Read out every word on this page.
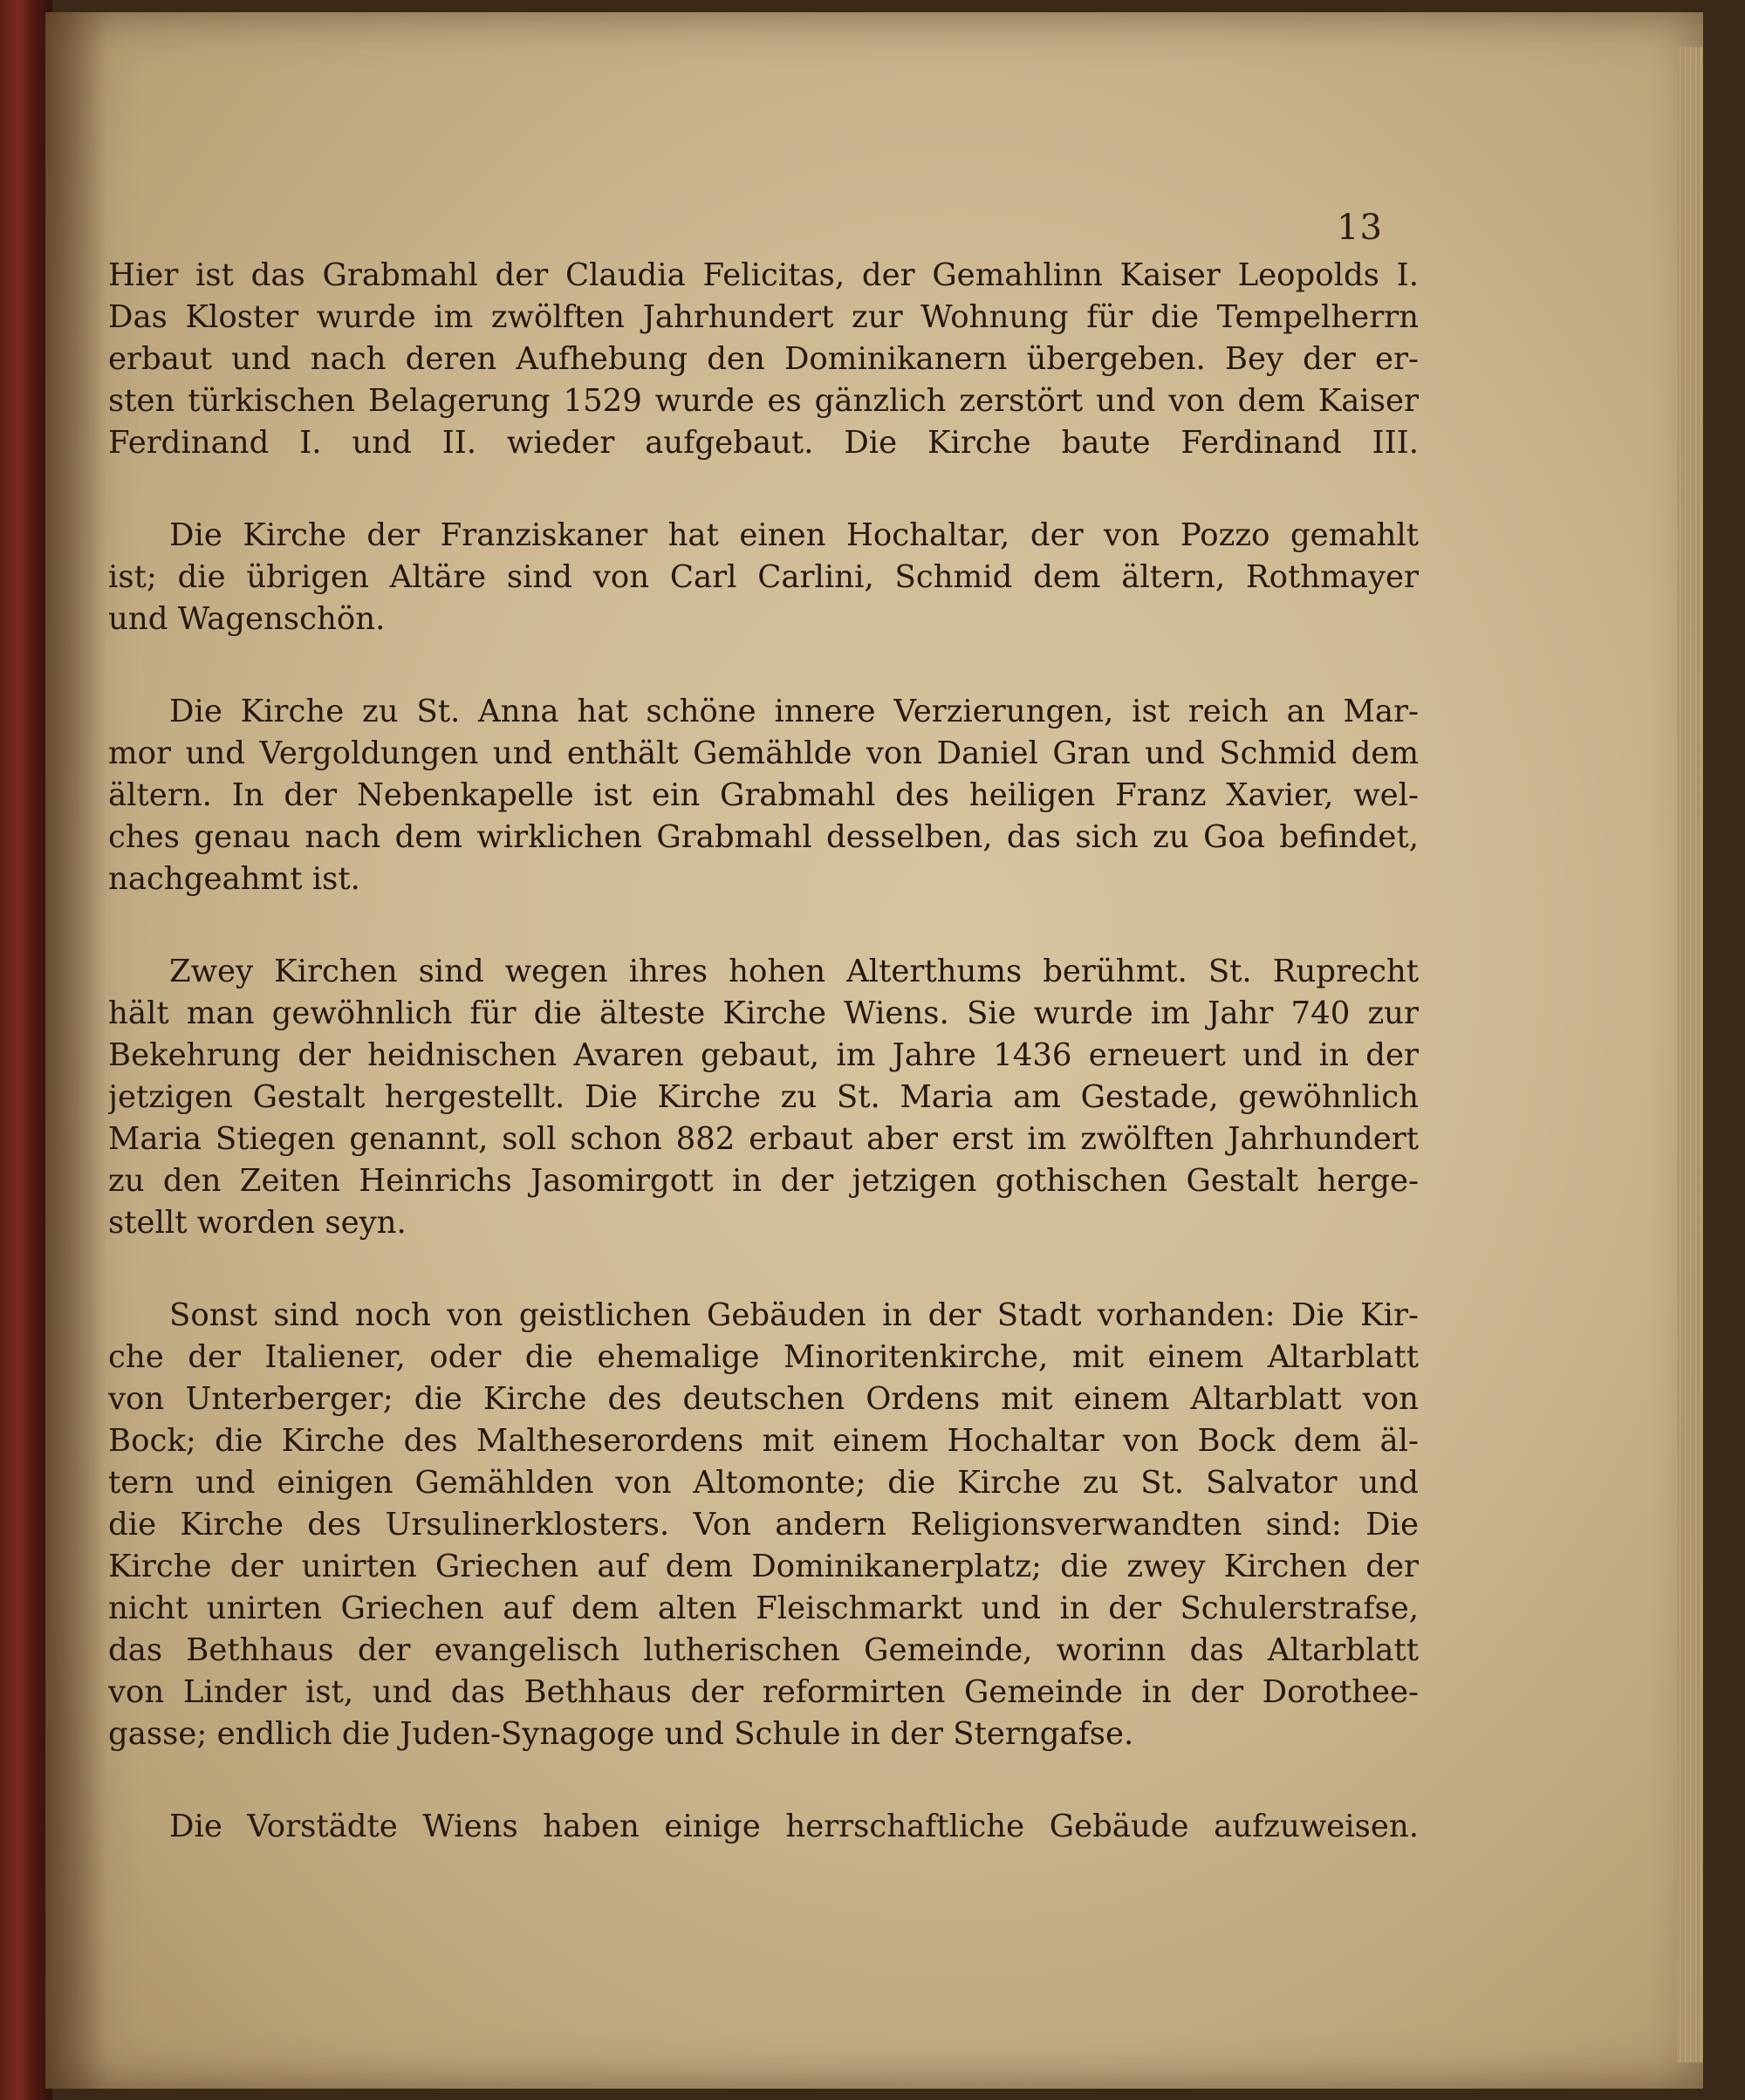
13

Hier ist das Grabmahl der Claudia Felicitas, der Gemahlinn Kaiser Leopolds I.
Das Kloster wurde im zwölften Jahrhundert zur Wohnung für die Tempelherrn
erbaut und nach deren Aufhebung den Dominikanern übergeben. Bey der er-
sten türkischen Belagerung 1529 wurde es gänzlich zerstört und von dem Kaiser
Ferdinand I. und II. wieder aufgebaut. Die Kirche baute Ferdinand III.

Die Kirche der Franziskaner hat einen Hochaltar, der von Pozzo gemahlt
ist; die übrigen Altäre sind von Carl Carlini, Schmid dem ältern, Rothmayer
und Wagenschön.

Die Kirche zu St. Anna hat schöne innere Verzierungen, ist reich an Mar-
mor und Vergoldungen und enthält Gemählde von Daniel Gran und Schmid dem
ältern. In der Nebenkapelle ist ein Grabmahl des heiligen Franz Xavier, wel-
ches genau nach dem wirklichen Grabmahl desselben, das sich zu Goa befindet,
nachgeahmt ist.

Zwey Kirchen sind wegen ihres hohen Alterthums berühmt. St. Ruprecht
hält man gewöhnlich für die älteste Kirche Wiens. Sie wurde im Jahr 740 zur
Bekehrung der heidnischen Avaren gebaut, im Jahre 1436 erneuert und in der
jetzigen Gestalt hergestellt. Die Kirche zu St. Maria am Gestade, gewöhnlich
Maria Stiegen genannt, soll schon 882 erbaut aber erst im zwölften Jahrhundert
zu den Zeiten Heinrichs Jasomirgott in der jetzigen gothischen Gestalt herge-
stellt worden seyn.

Sonst sind noch von geistlichen Gebäuden in der Stadt vorhanden: Die Kir-
che der Italiener, oder die ehemalige Minoritenkirche, mit einem Altarblatt
von Unterberger; die Kirche des deutschen Ordens mit einem Altarblatt von
Bock; die Kirche des Maltheserordens mit einem Hochaltar von Bock dem äl-
tern und einigen Gemählden von Altomonte; die Kirche zu St. Salvator und
die Kirche des Ursulinerklosters. Von andern Religionsverwandten sind: Die
Kirche der unirten Griechen auf dem Dominikanerplatz; die zwey Kirchen der
nicht unirten Griechen auf dem alten Fleischmarkt und in der Schulerstrafse,
das Bethhaus der evangelisch lutherischen Gemeinde, worinn das Altarblatt
von Linder ist, und das Bethhaus der reformirten Gemeinde in der Dorothee-
gasse; endlich die Juden-Synagoge und Schule in der Sterngafse.

Die Vorstädte Wiens haben einige herrschaftliche Gebäude aufzuweisen.
